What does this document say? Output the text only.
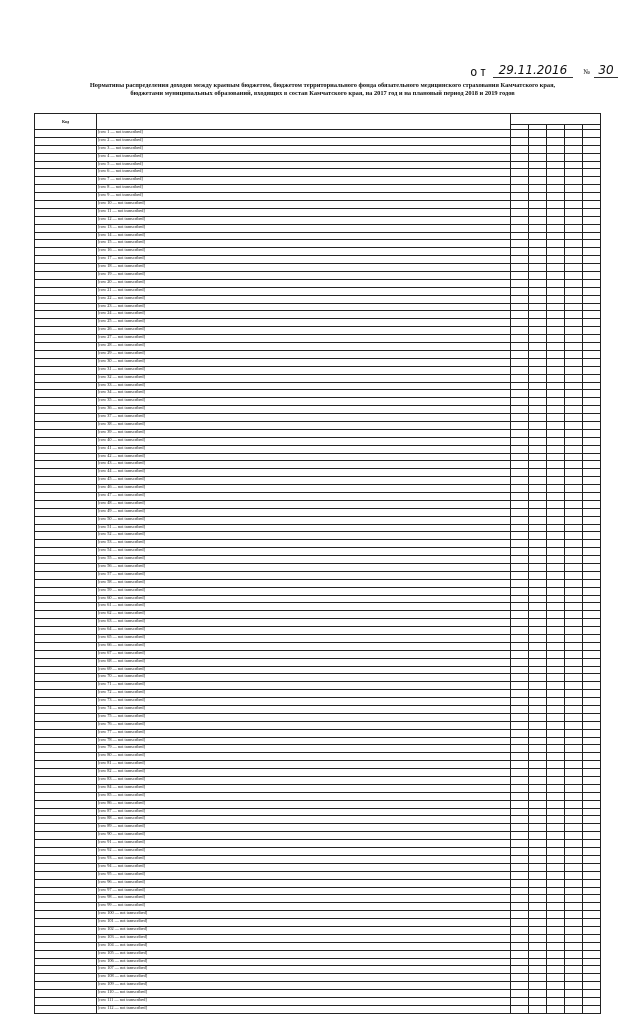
от 29.11.2016 № 30
Нормативы распределения доходов между краевым бюджетом, бюджетом территориального фонда обязательного медицинского страхования Камчатского края,
бюджетами муниципальных образований, входящих в состав Камчатского края, на 2017 год и на плановый период 2018 и 2019 годов
Код						

	[row 1 — not transcribed]					
	[row 2 — not transcribed]					
	[row 3 — not transcribed]					
	[row 4 — not transcribed]					
	[row 5 — not transcribed]					
	[row 6 — not transcribed]					
	[row 7 — not transcribed]					
	[row 8 — not transcribed]					
	[row 9 — not transcribed]					
	[row 10 — not transcribed]					
	[row 11 — not transcribed]					
	[row 12 — not transcribed]					
	[row 13 — not transcribed]					
	[row 14 — not transcribed]					
	[row 15 — not transcribed]					
	[row 16 — not transcribed]					
	[row 17 — not transcribed]					
	[row 18 — not transcribed]					
	[row 19 — not transcribed]					
	[row 20 — not transcribed]					
	[row 21 — not transcribed]					
	[row 22 — not transcribed]					
	[row 23 — not transcribed]					
	[row 24 — not transcribed]					
	[row 25 — not transcribed]					
	[row 26 — not transcribed]					
	[row 27 — not transcribed]					
	[row 28 — not transcribed]					
	[row 29 — not transcribed]					
	[row 30 — not transcribed]					
	[row 31 — not transcribed]					
	[row 32 — not transcribed]					
	[row 33 — not transcribed]					
	[row 34 — not transcribed]					
	[row 35 — not transcribed]					
	[row 36 — not transcribed]					
	[row 37 — not transcribed]					
	[row 38 — not transcribed]					
	[row 39 — not transcribed]					
	[row 40 — not transcribed]					
	[row 41 — not transcribed]					
	[row 42 — not transcribed]					
	[row 43 — not transcribed]					
	[row 44 — not transcribed]					
	[row 45 — not transcribed]					
	[row 46 — not transcribed]					
	[row 47 — not transcribed]					
	[row 48 — not transcribed]					
	[row 49 — not transcribed]					
	[row 50 — not transcribed]					
	[row 51 — not transcribed]					
	[row 52 — not transcribed]					
	[row 53 — not transcribed]					
	[row 54 — not transcribed]					
	[row 55 — not transcribed]					
	[row 56 — not transcribed]					
	[row 57 — not transcribed]					
	[row 58 — not transcribed]					
	[row 59 — not transcribed]					
	[row 60 — not transcribed]					
	[row 61 — not transcribed]					
	[row 62 — not transcribed]					
	[row 63 — not transcribed]					
	[row 64 — not transcribed]					
	[row 65 — not transcribed]					
	[row 66 — not transcribed]					
	[row 67 — not transcribed]					
	[row 68 — not transcribed]					
	[row 69 — not transcribed]					
	[row 70 — not transcribed]					
	[row 71 — not transcribed]					
	[row 72 — not transcribed]					
	[row 73 — not transcribed]					
	[row 74 — not transcribed]					
	[row 75 — not transcribed]					
	[row 76 — not transcribed]					
	[row 77 — not transcribed]					
	[row 78 — not transcribed]					
	[row 79 — not transcribed]					
	[row 80 — not transcribed]					
	[row 81 — not transcribed]					
	[row 82 — not transcribed]					
	[row 83 — not transcribed]					
	[row 84 — not transcribed]					
	[row 85 — not transcribed]					
	[row 86 — not transcribed]					
	[row 87 — not transcribed]					
	[row 88 — not transcribed]					
	[row 89 — not transcribed]					
	[row 90 — not transcribed]					
	[row 91 — not transcribed]					
	[row 92 — not transcribed]					
	[row 93 — not transcribed]					
	[row 94 — not transcribed]					
	[row 95 — not transcribed]					
	[row 96 — not transcribed]					
	[row 97 — not transcribed]					
	[row 98 — not transcribed]					
	[row 99 — not transcribed]					
	[row 100 — not transcribed]					
	[row 101 — not transcribed]					
	[row 102 — not transcribed]					
	[row 103 — not transcribed]					
	[row 104 — not transcribed]					
	[row 105 — not transcribed]					
	[row 106 — not transcribed]					
	[row 107 — not transcribed]					
	[row 108 — not transcribed]					
	[row 109 — not transcribed]					
	[row 110 — not transcribed]					
	[row 111 — not transcribed]					
	[row 112 — not transcribed]					
